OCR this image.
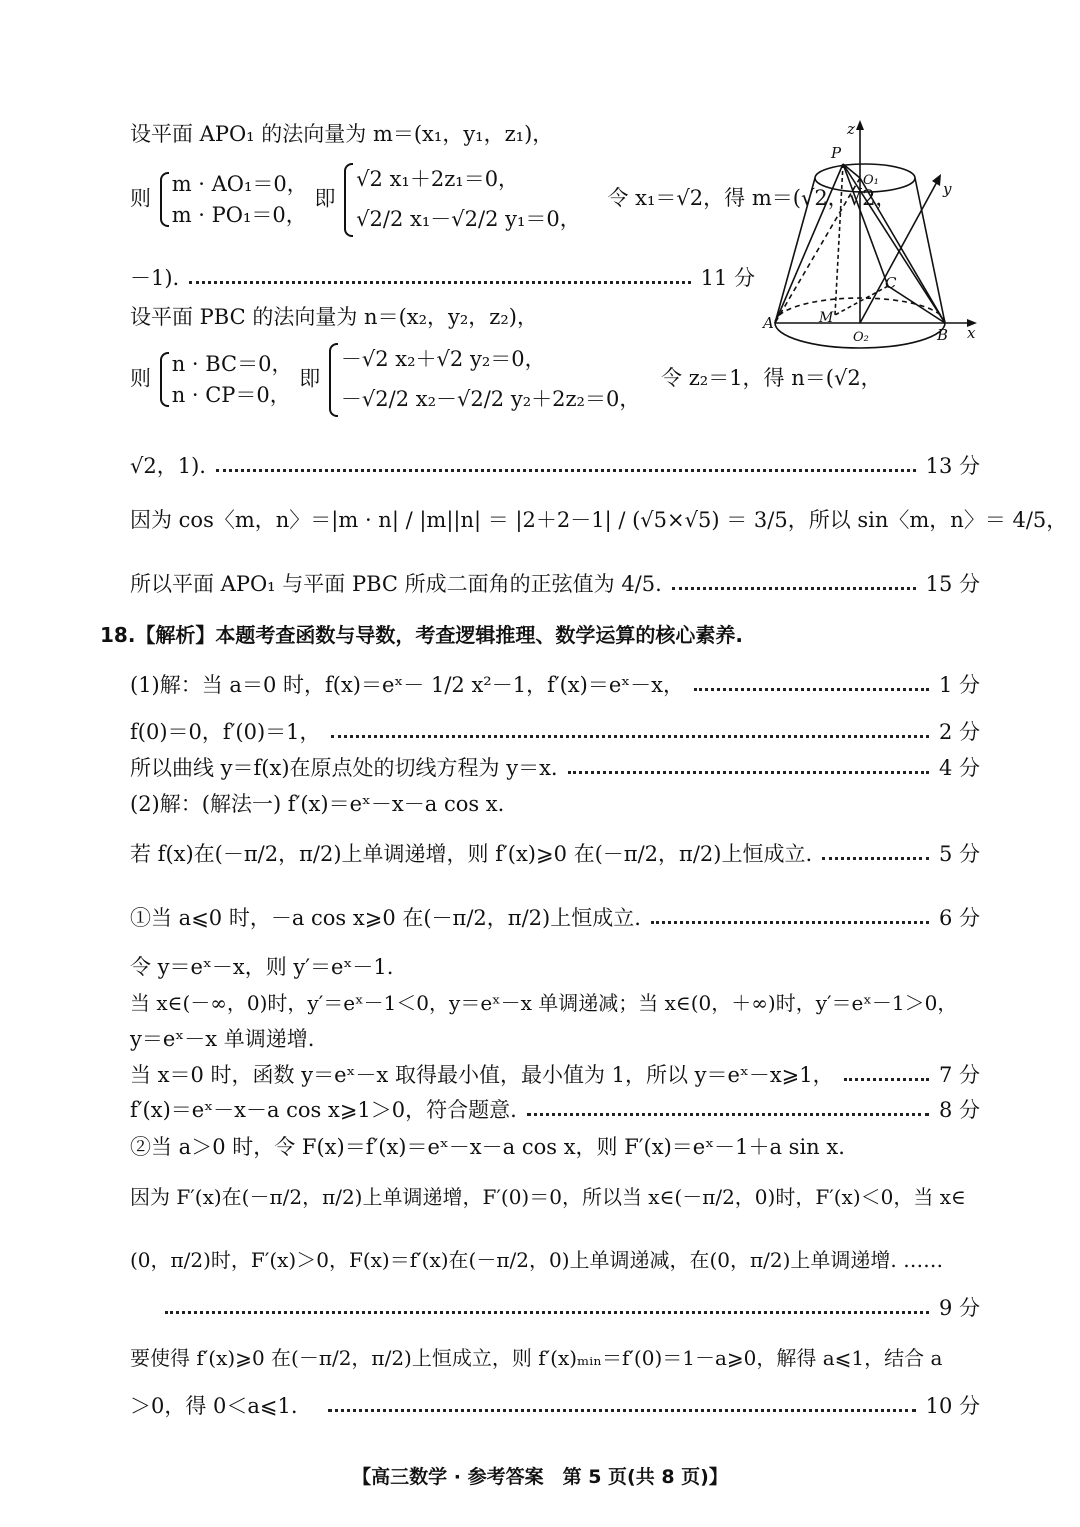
设平面 APO₁ 的法向量为 m＝(x₁，y₁，z₁)，
则
m · AO₁＝0，
m · PO₁＝0，
即
√2 x₁＋2z₁＝0，
√2/2 x₁－√2/2 y₁＝0，
令 x₁＝√2，得 m＝(√2，√2，
－1).	11 分
设平面 PBC 的法向量为 n＝(x₂，y₂，z₂)，
则
n · BC＝0，
n · CP＝0，
即
－√2 x₂＋√2 y₂＝0，
－√2/2 x₂－√2/2 y₂＋2z₂＝0，
令 z₂＝1，得 n＝(√2，
√2，1).	13 分
因为 cos〈m，n〉＝|m · n| / |m||n| ＝ |2＋2－1| / (√5×√5) ＝ 3/5，所以 sin〈m，n〉＝ 4/5，
所以平面 APO₁ 与平面 PBC 所成二面角的正弦值为 4/5.	15 分
18.【解析】本题考查函数与导数，考查逻辑推理、数学运算的核心素养.
(1)解：当 a＝0 时，f(x)＝eˣ－ 1/2 x²－1，f′(x)＝eˣ－x，	1 分
f(0)＝0，f′(0)＝1，	2 分
所以曲线 y＝f(x)在原点处的切线方程为 y＝x.	4 分
(2)解：(解法一) f′(x)＝eˣ－x－a cos x.
若 f(x)在(－π/2，π/2)上单调递增，则 f′(x)⩾0 在(－π/2，π/2)上恒成立.	5 分
①当 a⩽0 时，－a cos x⩾0 在(－π/2，π/2)上恒成立.	6 分
令 y＝eˣ－x，则 y′＝eˣ－1.
当 x∈(－∞，0)时，y′＝eˣ－1＜0，y＝eˣ－x 单调递减；当 x∈(0，＋∞)时，y′＝eˣ－1＞0，
y＝eˣ－x 单调递增.
当 x＝0 时，函数 y＝eˣ－x 取得最小值，最小值为 1，所以 y＝eˣ－x⩾1，	7 分
f′(x)＝eˣ－x－a cos x⩾1＞0，符合题意.	8 分
②当 a＞0 时，令 F(x)＝f′(x)＝eˣ－x－a cos x，则 F′(x)＝eˣ－1＋a sin x.
因为 F′(x)在(－π/2，π/2)上单调递增，F′(0)＝0，所以当 x∈(－π/2，0)时，F′(x)＜0，当 x∈
(0，π/2)时，F′(x)＞0，F(x)＝f′(x)在(－π/2，0)上单调递减，在(0，π/2)上单调递增. ……
9 分
要使得 f′(x)⩾0 在(－π/2，π/2)上恒成立，则 f′(x)ₘᵢₙ＝f′(0)＝1－a⩾0，解得 a⩽1，结合 a
＞0，得 0＜a⩽1.	10 分
【高三数学 · 参考答案　第 5 页(共 8 页)】
z
y
x
P
O₁
C
A	M
O₂	B
